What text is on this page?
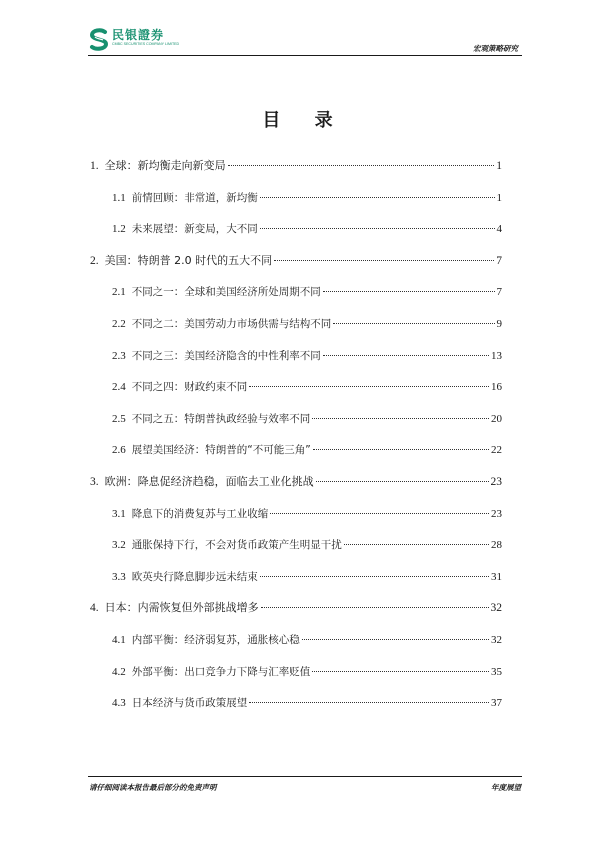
民银證券
CMBC SECURITIES COMPANY LIMITED	宏观策略研究
目 录
1. 全球：新均衡走向新变局	1
1.1 前情回顾：非常道，新均衡	1
1.2 未来展望：新变局，大不同	4
2. 美国：特朗普 2.0 时代的五大不同	7
2.1 不同之一：全球和美国经济所处周期不同	7
2.2 不同之二：美国劳动力市场供需与结构不同	9
2.3 不同之三：美国经济隐含的中性利率不同	13
2.4 不同之四：财政约束不同	16
2.5 不同之五：特朗普执政经验与效率不同	20
2.6 展望美国经济：特朗普的“不可能三角”	22
3. 欧洲：降息促经济趋稳，面临去工业化挑战	23
3.1 降息下的消费复苏与工业收缩	23
3.2 通胀保持下行，不会对货币政策产生明显干扰	28
3.3 欧英央行降息脚步远未结束	31
4. 日本：内需恢复但外部挑战增多	32
4.1 内部平衡：经济弱复苏，通胀核心稳	32
4.2 外部平衡：出口竞争力下降与汇率贬值	35
4.3 日本经济与货币政策展望	37
请仔细阅读本报告最后部分的免责声明	年度展望
